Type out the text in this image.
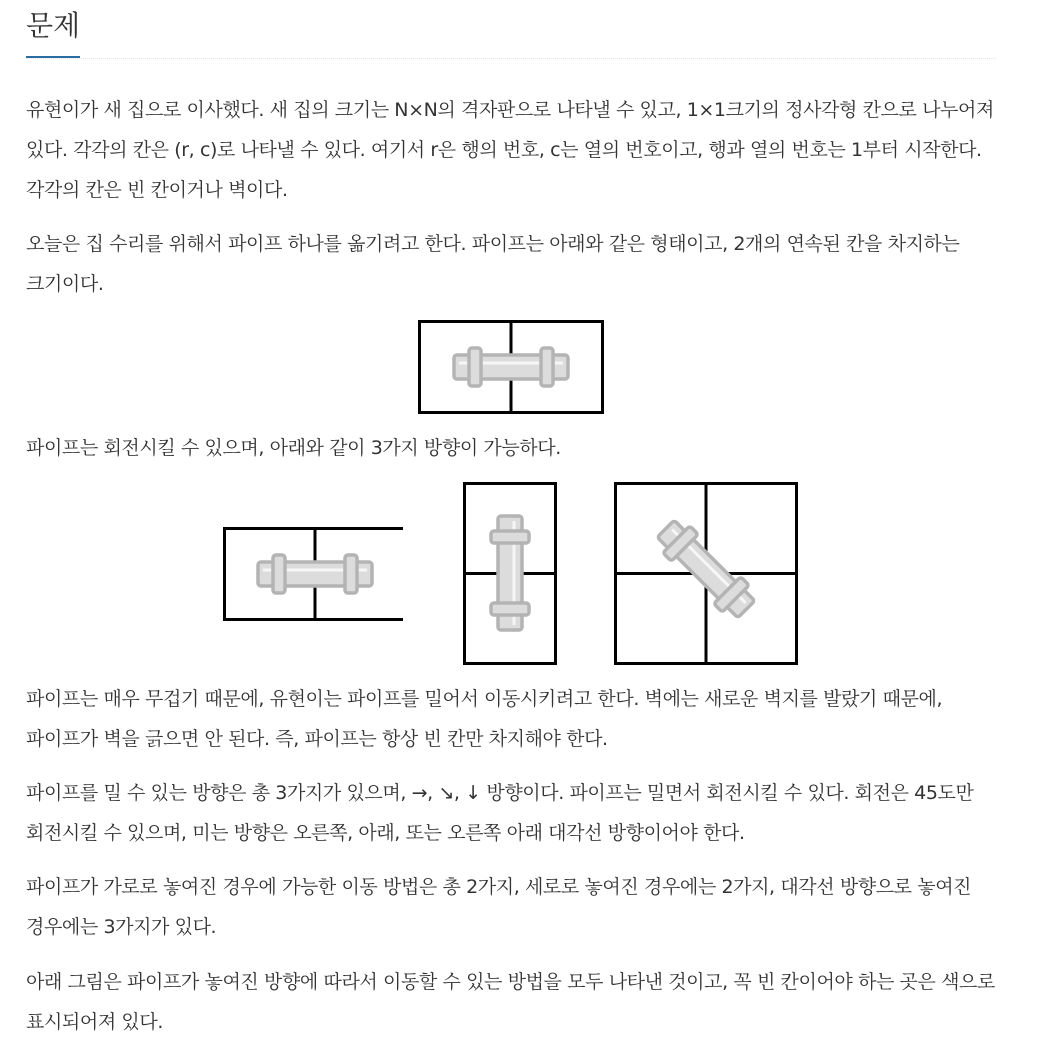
문제

유현이가 새 집으로 이사했다. 새 집의 크기는 N×N의 격자판으로 나타낼 수 있고, 1×1크기의 정사각형 칸으로 나누어져 있다. 각각의 칸은 (r, c)로 나타낼 수 있다. 여기서 r은 행의 번호, c는 열의 번호이고, 행과 열의 번호는 1부터 시작한다. 각각의 칸은 빈 칸이거나 벽이다.

오늘은 집 수리를 위해서 파이프 하나를 옮기려고 한다. 파이프는 아래와 같은 형태이고, 2개의 연속된 칸을 차지하는 크기이다.

파이프는 회전시킬 수 있으며, 아래와 같이 3가지 방향이 가능하다.

파이프는 매우 무겁기 때문에, 유현이는 파이프를 밀어서 이동시키려고 한다. 벽에는 새로운 벽지를 발랐기 때문에, 파이프가 벽을 긁으면 안 된다. 즉, 파이프는 항상 빈 칸만 차지해야 한다.

파이프를 밀 수 있는 방향은 총 3가지가 있으며, →, ↘, ↓ 방향이다. 파이프는 밀면서 회전시킬 수 있다. 회전은 45도만 회전시킬 수 있으며, 미는 방향은 오른쪽, 아래, 또는 오른쪽 아래 대각선 방향이어야 한다.

파이프가 가로로 놓여진 경우에 가능한 이동 방법은 총 2가지, 세로로 놓여진 경우에는 2가지, 대각선 방향으로 놓여진 경우에는 3가지가 있다.

아래 그림은 파이프가 놓여진 방향에 따라서 이동할 수 있는 방법을 모두 나타낸 것이고, 꼭 빈 칸이어야 하는 곳은 색으로 표시되어져 있다.
